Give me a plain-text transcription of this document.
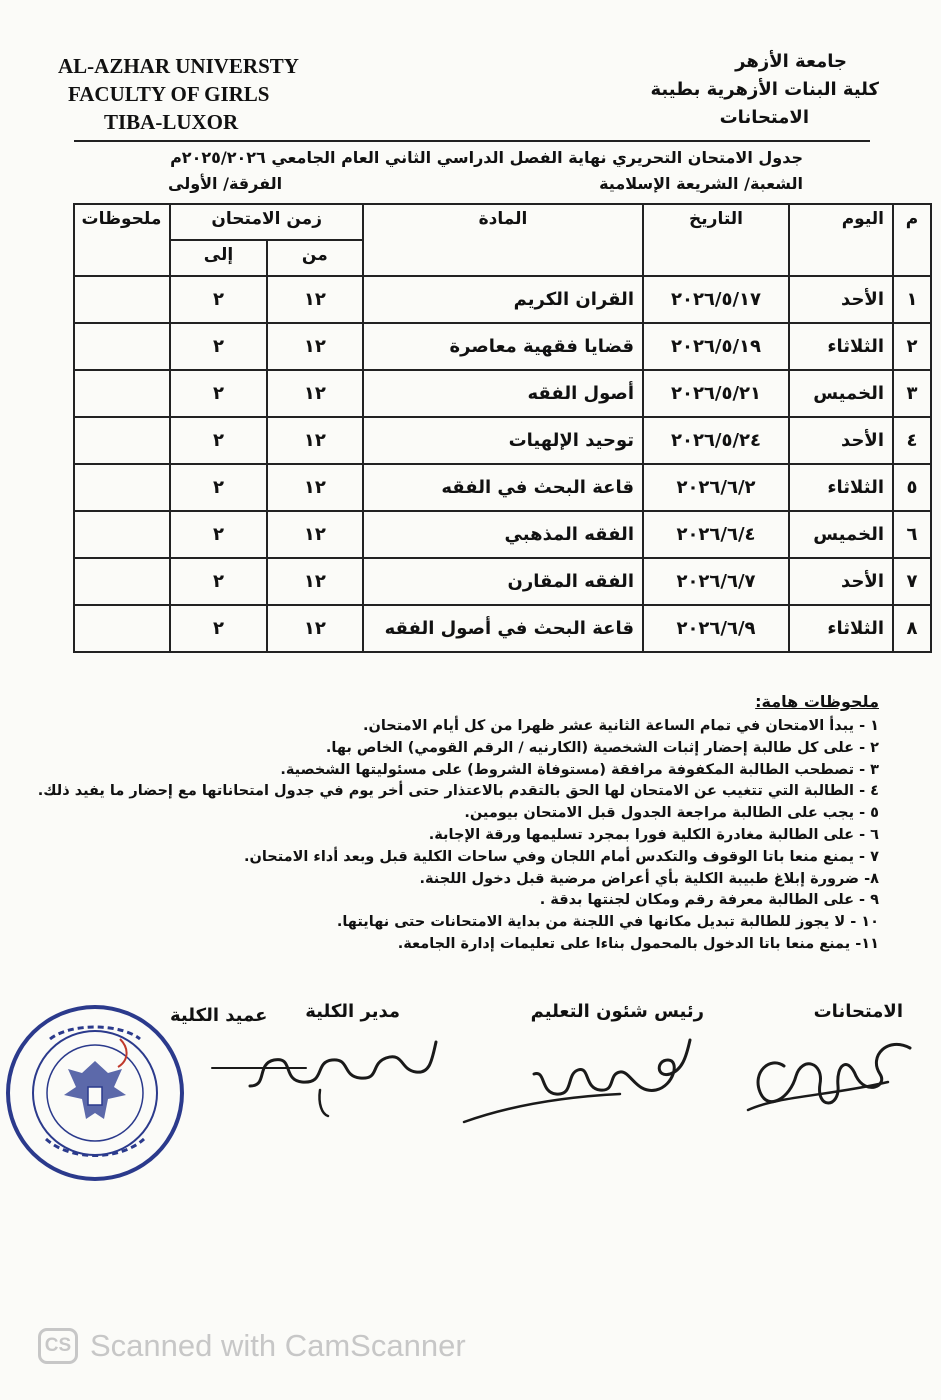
AL-AZHAR UNIVERSTY
FACULTY OF GIRLS
TIBA-LUXOR
جامعة الأزهر
كلية البنات الأزهرية بطيبة
الامتحانات
جدول الامتحان التحريري نهاية الفصل الدراسي الثاني العام الجامعي ٢٠٢٥/٢٠٢٦م
الشعبة/ الشريعة الإسلامية
الفرقة/ الأولى
م	اليوم	التاريخ	المادة	زمن الامتحان		ملحوظات
				من	إلى	
١	الأحد	٢٠٢٦/٥/١٧	القران الكريم	١٢	٢	
٢	الثلاثاء	٢٠٢٦/٥/١٩	قضايا فقهية معاصرة	١٢	٢	
٣	الخميس	٢٠٢٦/٥/٢١	أصول الفقه	١٢	٢	
٤	الأحد	٢٠٢٦/٥/٢٤	توحيد الإلهيات	١٢	٢	
٥	الثلاثاء	٢٠٢٦/٦/٢	قاعة البحث في الفقه	١٢	٢	
٦	الخميس	٢٠٢٦/٦/٤	الفقه المذهبي	١٢	٢	
٧	الأحد	٢٠٢٦/٦/٧	الفقه المقارن	١٢	٢	
٨	الثلاثاء	٢٠٢٦/٦/٩	قاعة البحث في أصول الفقه	١٢	٢	
ملحوظات هامة:
١ - يبدأ الامتحان في تمام الساعة الثانية عشر ظهرا من كل أيام الامتحان.
٢ - على كل طالبة إحضار إثبات الشخصية (الكارنيه / الرقم القومي) الخاص بها.
٣ - تصطحب الطالبة المكفوفة مرافقة (مستوفاة الشروط) على مسئوليتها الشخصية.
٤ - الطالبة التي تتغيب عن الامتحان لها الحق بالتقدم بالاعتذار حتى أخر يوم في جدول امتحاناتها مع إحضار ما يفيد ذلك.
٥ - يجب على الطالبة مراجعة الجدول قبل الامتحان بيومين.
٦ - على الطالبة مغادرة الكلية فورا بمجرد تسليمها ورقة الإجابة.
٧ - يمنع منعا باتا الوقوف والتكدس أمام اللجان وفي ساحات الكلية قبل وبعد أداء الامتحان.
٨- ضرورة إبلاغ طبيبة الكلية بأي أعراض مرضية قبل دخول اللجنة.
٩ - على الطالبة معرفة رقم ومكان لجنتها بدقة .
١٠ - لا يجوز للطالبة تبديل مكانها في اللجنة من بداية الامتحانات حتى نهايتها.
١١- يمنع منعا باتا الدخول بالمحمول بناءا على تعليمات إدارة الجامعة.
الامتحانات
رئيس شئون التعليم
مدير الكلية
عميد الكلية
CS Scanned with CamScanner
